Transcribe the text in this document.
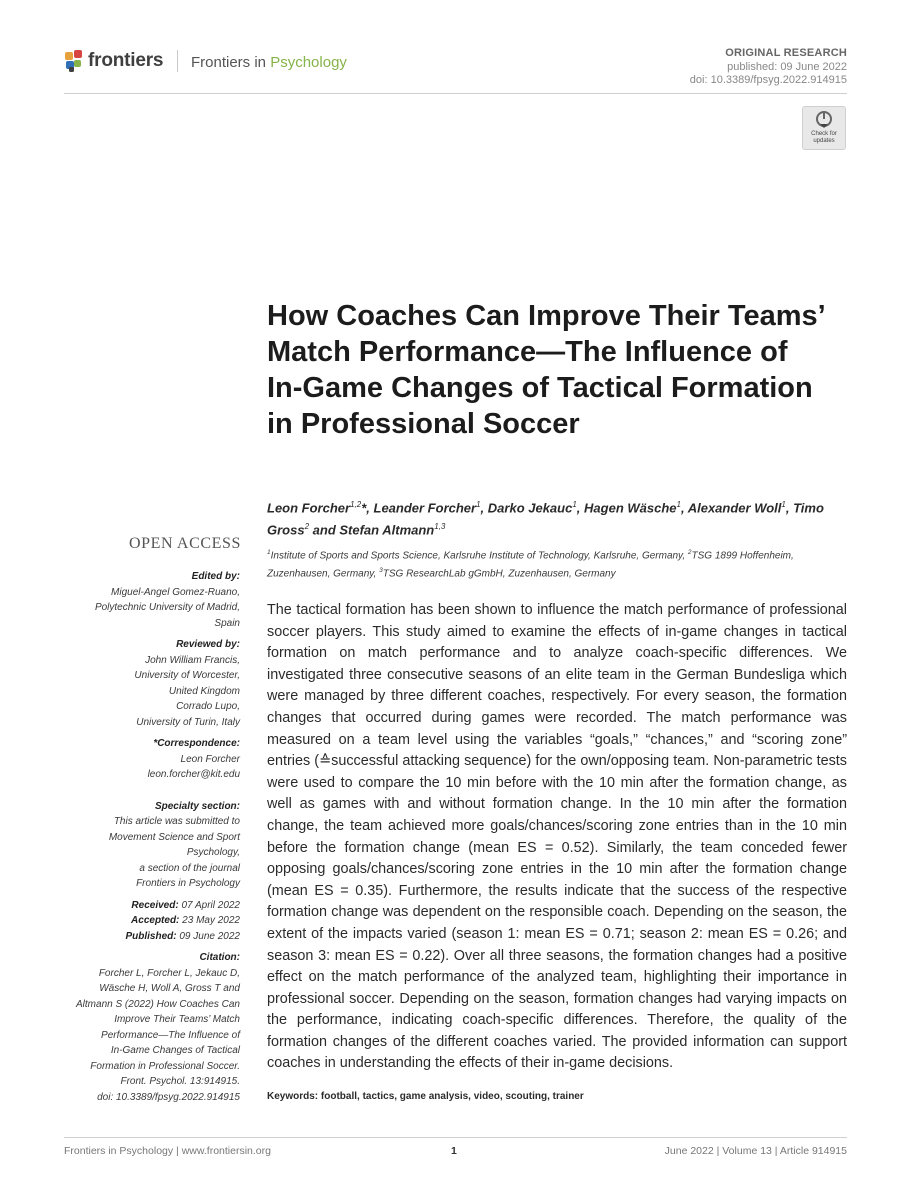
frontiers Frontiers in Psychology
ORIGINAL RESEARCH
published: 09 June 2022
doi: 10.3389/fpsyg.2022.914915
Check for
updates
How Coaches Can Improve Their Teams’ Match Performance—The Influence of In-Game Changes of Tactical Formation in Professional Soccer
Leon Forcher$^{1,2}$*, Leander Forcher$^1$, Darko Jekauc$^1$, Hagen Wäsche$^1$, Alexander Woll$^1$, Timo Gross$^2$ and Stefan Altmann$^{1,3}$
$^1$Institute of Sports and Sports Science, Karlsruhe Institute of Technology, Karlsruhe, Germany, $^2$TSG 1899 Hoffenheim, Zuzenhausen, Germany, $^3$TSG ResearchLab gGmbH, Zuzenhausen, Germany

The tactical formation has been shown to influence the match performance of professional soccer players. This study aimed to examine the effects of in-game changes in tactical formation on match performance and to analyze coach-specific differences. We investigated three consecutive seasons of an elite team in the German Bundesliga which were managed by three different coaches, respectively. For every season, the formation changes that occurred during games were recorded. The match performance was measured on a team level using the variables “goals,” “chances,” and “scoring zone” entries (≙successful attacking sequence) for the own/opposing team. Non-parametric tests were used to compare the 10 min before with the 10 min after the formation change, as well as games with and without formation change. In the 10 min after the formation change, the team achieved more goals/chances/scoring zone entries than in the 10 min before the formation change (mean ES = 0.52). Similarly, the team conceded fewer opposing goals/chances/scoring zone entries in the 10 min after the formation change (mean ES = 0.35). Furthermore, the results indicate that the success of the respective formation change was dependent on the responsible coach. Depending on the season, the extent of the impacts varied (season 1: mean ES = 0.71; season 2: mean ES = 0.26; and season 3: mean ES = 0.22). Over all three seasons, the formation changes had a positive effect on the match performance of the analyzed team, highlighting their importance in professional soccer. Depending on the season, formation changes had varying impacts on the performance, indicating coach-specific differences. Therefore, the quality of the formation changes of the different coaches varied. The provided information can support coaches in understanding the effects of their in-game decisions.

Keywords: football, tactics, game analysis, video, scouting, trainer
OPEN ACCESS
Edited by:
Miguel-Angel Gomez-Ruano,
Polytechnic University of Madrid,
Spain
Reviewed by:
John William Francis,
University of Worcester,
United Kingdom
Corrado Lupo,
University of Turin, Italy
*Correspondence:
Leon Forcher
leon.forcher@kit.edu
Specialty section:
This article was submitted to
Movement Science and Sport
Psychology,
a section of the journal
Frontiers in Psychology
Received: 07 April 2022
Accepted: 23 May 2022
Published: 09 June 2022
Citation:
Forcher L, Forcher L, Jekauc D,
Wäsche H, Woll A, Gross T and
Altmann S (2022) How Coaches Can
Improve Their Teams’ Match
Performance—The Influence of
In-Game Changes of Tactical
Formation in Professional Soccer.
Front. Psychol. 13:914915.
doi: 10.3389/fpsyg.2022.914915
Frontiers in Psychology | www.frontiersin.org	1	June 2022 | Volume 13 | Article 914915
